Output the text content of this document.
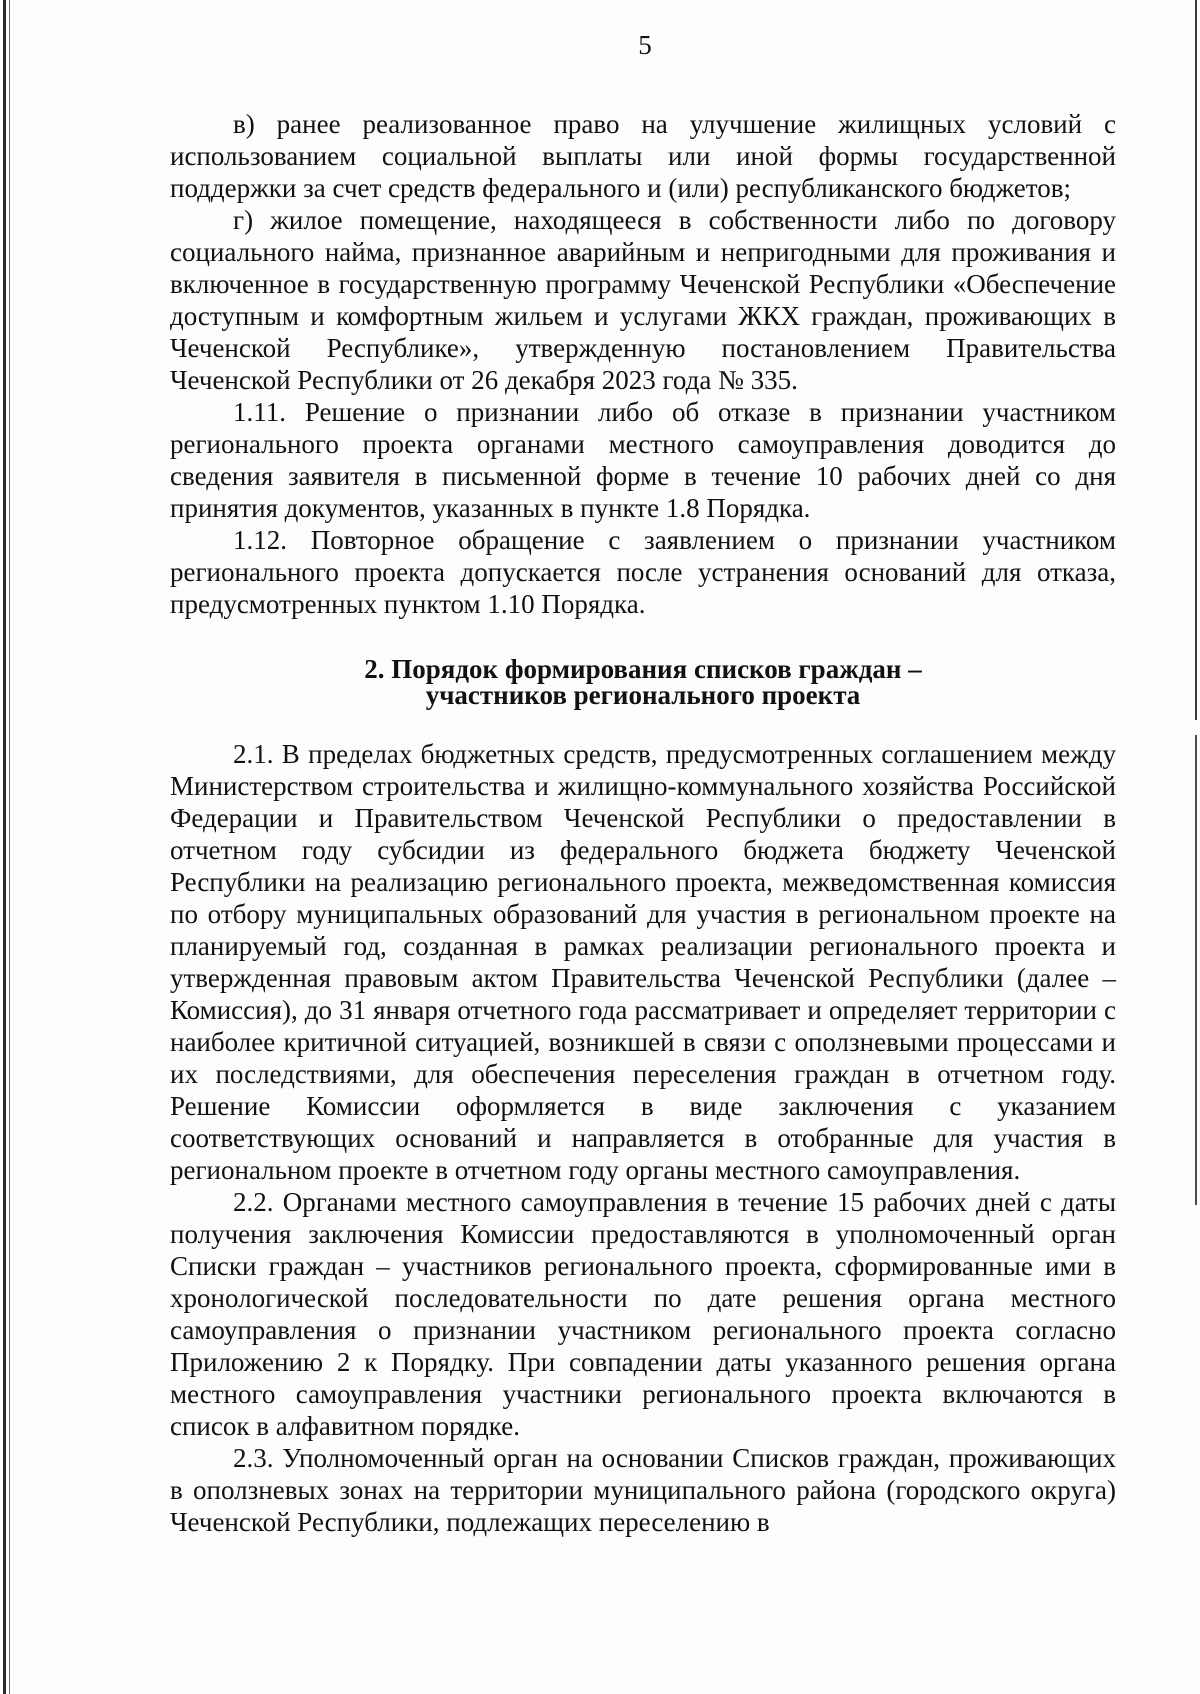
5

в) ранее реализованное право на улучшение жилищных условий с использованием социальной выплаты или иной формы государственной поддержки за счет средств федерального и (или) республиканского бюджетов;

г) жилое помещение, находящееся в собственности либо по договору социального найма, признанное аварийным и непригодными для проживания и включенное в государственную программу Чеченской Республики «Обеспечение доступным и комфортным жильем и услугами ЖКХ граждан, проживающих в Чеченской Республике», утвержденную постановлением Правительства Чеченской Республики от 26 декабря 2023 года № 335.

1.11. Решение о признании либо об отказе в признании участником регионального проекта органами местного самоуправления доводится до сведения заявителя в письменной форме в течение 10 рабочих дней со дня принятия документов, указанных в пункте 1.8 Порядка.

1.12. Повторное обращение с заявлением о признании участником регионального проекта допускается после устранения оснований для отказа, предусмотренных пунктом 1.10 Порядка.

2. Порядок формирования списков граждан –
участников регионального проекта

2.1. В пределах бюджетных средств, предусмотренных соглашением между Министерством строительства и жилищно-коммунального хозяйства Российской Федерации и Правительством Чеченской Республики о предоставлении в отчетном году субсидии из федерального бюджета бюджету Чеченской Республики на реализацию регионального проекта, межведомственная комиссия по отбору муниципальных образований для участия в региональном проекте на планируемый год, созданная в рамках реализации регионального проекта и утвержденная правовым актом Правительства Чеченской Республики (далее – Комиссия), до 31 января отчетного года рассматривает и определяет территории с наиболее критичной ситуацией, возникшей в связи с оползневыми процессами и их последствиями, для обеспечения переселения граждан в отчетном году. Решение Комиссии оформляется в виде заключения с указанием соответствующих оснований и направляется в отобранные для участия в региональном проекте в отчетном году органы местного самоуправления.

2.2. Органами местного самоуправления в течение 15 рабочих дней с даты получения заключения Комиссии предоставляются в уполномоченный орган Списки граждан – участников регионального проекта, сформированные ими в хронологической последовательности по дате решения органа местного самоуправления о признании участником регионального проекта согласно Приложению 2 к Порядку. При совпадении даты указанного решения органа местного самоуправления участники регионального проекта включаются в список в алфавитном порядке.

2.3. Уполномоченный орган на основании Списков граждан, проживающих в оползневых зонах на территории муниципального района (городского округа) Чеченской Республики, подлежащих переселению в
